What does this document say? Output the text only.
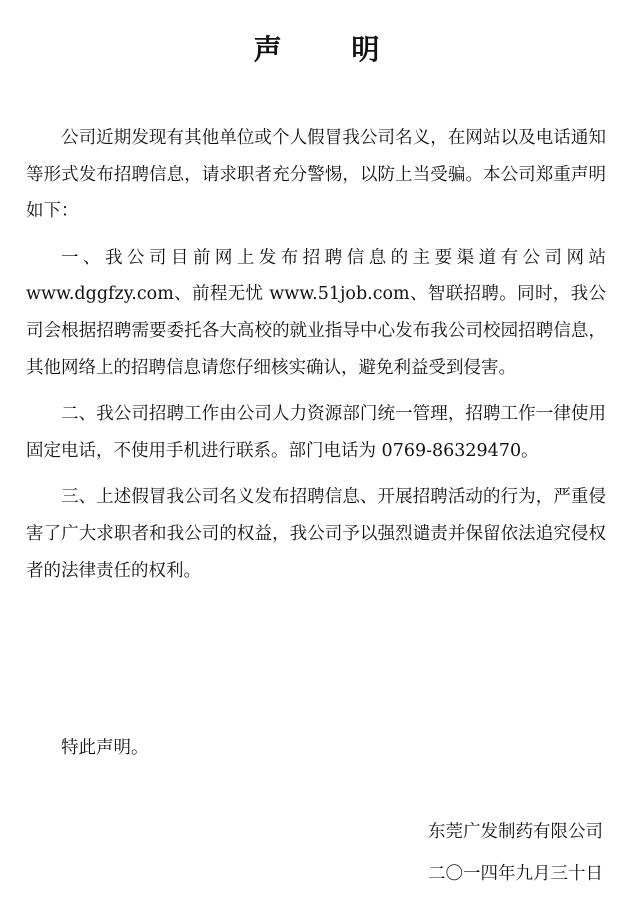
声 明

公司近期发现有其他单位或个人假冒我公司名义，在网站以及电话通知等形式发布招聘信息，请求职者充分警惕，以防上当受骗。本公司郑重声明如下：

一、我公司目前网上发布招聘信息的主要渠道有公司网站www.dggfzy.com、前程无忧 www.51job.com、智联招聘。同时，我公司会根据招聘需要委托各大高校的就业指导中心发布我公司校园招聘信息，其他网络上的招聘信息请您仔细核实确认，避免利益受到侵害。

二、我公司招聘工作由公司人力资源部门统一管理，招聘工作一律使用固定电话，不使用手机进行联系。部门电话为 0769-86329470。

三、上述假冒我公司名义发布招聘信息、开展招聘活动的行为，严重侵害了广大求职者和我公司的权益，我公司予以强烈谴责并保留依法追究侵权者的法律责任的权利。

特此声明。
东莞广发制药有限公司
二〇一四年九月三十日
